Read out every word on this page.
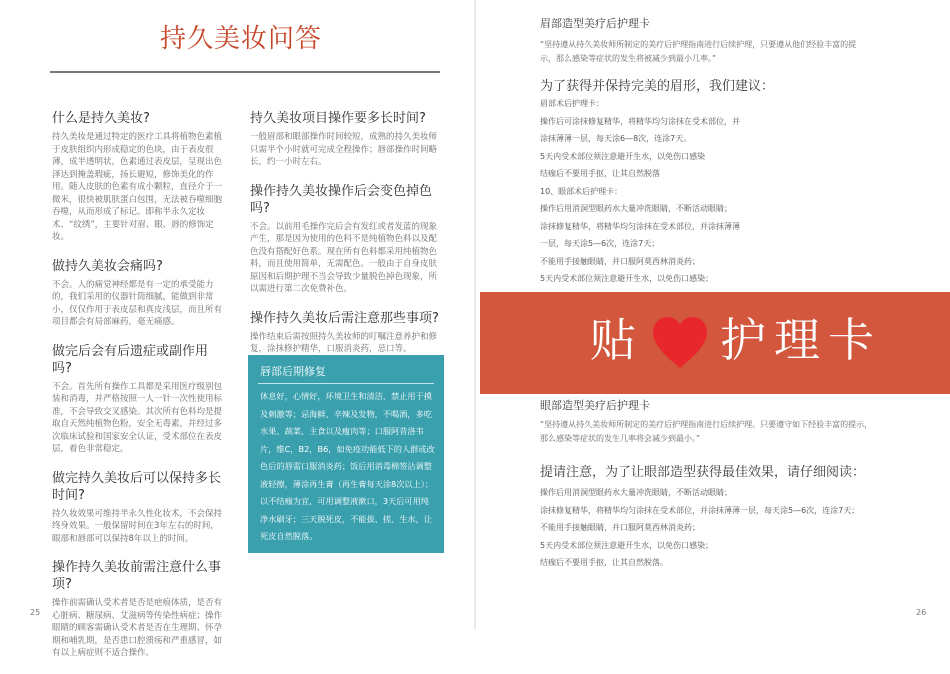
持久美妆问答
什么是持久美妆?
持久美妆是通过特定的医疗工具将植物色素植于皮肤组织内形成稳定的色块，由于表皮很薄，成半透明状，色素通过表皮层，呈现出色泽达到掩盖瑕疵，扬长避短，修饰美化的作用。随人皮肤的色素有成小颗粒，直径介于一微米，很快被肌肤蛋白包围，无法被吞噬细胞吞噬，从而形成了标记。即称半永久定妆术、“纹绣”，主要针对眉、眼、唇的修饰定妆。
做持久美妆会痛吗?
不会。人的痛觉神经都是有一定的承受能力的，我们采用的仪器针筒细腻，能做到非常小，仅仅作用于表皮层和真皮浅层，而且所有项目都会有局部麻药，毫无痛感。
做完后会有后遗症或副作用吗?
不会。首先所有操作工具都是采用医疗级别包装和消毒，并严格按照一人一针一次性使用标准，不会导致交叉感染。其次所有色料均是提取自天然纯植物色粉，安全无毒素，并经过多次临床试验和国家安全认证，受术部位在表皮层，着色非常稳定。
做完持久美妆后可以保持多长时间?
持久妆效果可维持半永久性化妆术，不会保持终身效果。一般保留时间在3年左右的时间，眼部和唇部可以保持8年以上的时间。
操作持久美妆前需注意什么事项?
操作前需确认受术者是否是疤痕体质，是否有心脏病、糖尿病、艾滋病等传染性病症；操作眼睛的顾客需确认受术者是否在生理期、怀孕期和哺乳期，是否患口腔溃疡和严重感冒，如有以上病症则不适合操作。
持久美妆项目操作要多长时间?
一般眉部和眼部操作时间较短，成熟的持久美妆师只需半个小时就可完成全程操作；唇部操作时间略长，约一小时左右。
操作持久美妆操作后会变色掉色吗?
不会。以前用毛操作完后会有发红或者发蓝的现象产生，那是因为使用的色料不是纯植物色料以及配色没有搭配好色系。现在所有色料都采用纯植物色料，而且使用简单，无需配色。一般由于自身皮肤原因和后期护理不当会导致少量脱色掉色现象，所以需进行第二次免费补色。
操作持久美妆后需注意那些事项?
操作结束后需按照持久美妆师的叮嘱注意养护和修复，涂抹修护精华，口服消炎药，忌口等。
唇部后期修复
休息好，心情好，环境卫生和清洁，禁止用于摸及刺激等；忌海鲜、辛辣及发物，不喝酒，多吃水果、蔬菜、主食以及瘦肉等；口服阿昔洛韦片，维C，B2，B6，如免疫功能低下的人群或改色后的唇需口服消炎药；饭后用消毒棉签沾调整液轻擦，薄涂再生膏（再生膏每天涂8次以上）；以不结痂为宜，可用调整液漱口，3天后可用纯净水刷牙；三天脱死皮，不能拔、搓、生水，让死皮自然脱落。
25
眉部造型美疗后护理卡
“坚持遵从持久美妆师所制定的美疗后护理指南进行后续护理，只要遵从他们经验丰富的提示，那么感染等症状的发生将被减少到最小几率。”
为了获得并保持完美的眉形，我们建议：
眉部术后护理卡：
操作后可涂抹修复精华，将精华均匀涂抹在受术部位，并
涂抹薄薄一层，每天涂6—8次，连涂7天。
5天内受术部位须注意避开生水，以免伤口感染
结痂后不要用手抠，让其自然脱落
10、眼部术后护理卡：
操作后用消洞型眼药水大量冲洗眼睛，不断活动眼睛；
涂抹修复精华，将精华均匀涂抹在受术部位，并涂抹薄薄
一层，每天涂5—6次，连涂7天；
不能用手接触眼睛，并口服阿莫西林消炎药；
5天内受术部位须注意避开生水，以免伤口感染；
贴 护理卡
眼部造型美疗后护理卡
“坚持遵从持久美妆师所制定的美疗后护理指南进行后续护理。只要遵守如下经验丰富的提示，那么感染等症状的发生几率将会减少到最小。”
提请注意，为了让眼部造型获得最佳效果，请仔细阅读：
操作后用消洞型眼药水大量冲洗眼睛，不断活动眼睛；
涂抹修复精华，将精华均匀涂抹在受术部位，并涂抹薄薄一层，每天涂5—6次，连涂7天；
不能用手接触眼睛，并口服阿莫西林消炎药；
5天内受术部位须注意避开生水，以免伤口感染；
结痂后不要用手抠，让其自然脱落。
26
